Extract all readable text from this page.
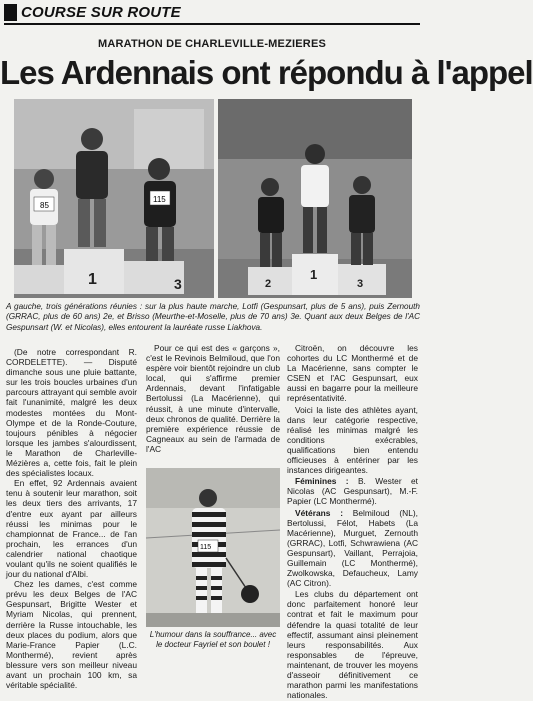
COURSE SUR ROUTE
MARATHON DE CHARLEVILLE-MEZIERES
Les Ardennais ont répondu à l'appel
85
115
1	3
1
2	3
A gauche, trois générations réunies : sur la plus haute marche, Lotfi (Gespunsart, plus de 5 ans), puis Zernouth (GRRAC, plus de 60 ans) 2e, et Brisso (Meurthe-et-Moselle, plus de 70 ans) 3e. Quant aux deux Belges de l'AC Gespunsart (W. et Nicolas), elles entourent la lauréate russe Liakhova.

(De notre correspondant R. CORDELETTE). — Disputé dimanche sous une pluie battante, sur les trois boucles urbaines d'un parcours attrayant qui semble avoir fait l'unanimité, malgré les deux modestes montées du Mont-Olympe et de la Ronde-Couture, toujours pénibles à négocier lorsque les jambes s'alourdissent, le Marathon de Charleville-Mézières a, cette fois, fait le plein des spécialistes locaux.

En effet, 92 Ardennais avaient tenu à soutenir leur marathon, soit les deux tiers des arrivants, 17 d'entre eux ayant par ailleurs réussi les minimas pour le championnat de France... de l'an prochain, les errances d'un calendrier national chaotique voulant qu'ils ne soient qualifiés le jour du national d'Albi.

Chez les dames, c'est comme prévu les deux Belges de l'AC Gespunsart, Brigitte Wester et Myriam Nicolas, qui prennent, derrière la Russe intouchable, les deux places du podium, alors que Marie-France Papier (L.C. Monthermé), revient après blessure vers son meilleur niveau avant un prochain 100 km, sa véritable spécialité.

Pour ce qui est des « garçons », c'est le Revinois Belmiloud, que l'on espère voir bientôt rejoindre un club local, qui s'affirme premier Ardennais, devant l'infatigable Bertolussi (La Macérienne), qui réussit, à une minute d'intervalle, deux chronos de qualité. Derrière la première expérience réussie de Cagneaux au sein de l'armada de l'AC

115
L'humour dans la souffrance... avec le docteur Fayriel et son boulet !

Citroën, on découvre les cohortes du LC Monthermé et de La Macérienne, sans compter le CSEN et l'AC Gespunsart, eux aussi en bagarre pour la meilleure représentativité.

Voici la liste des athlètes ayant, dans leur catégorie respective, réalisé les minimas malgré les conditions exécrables, qualifications bien entendu officieuses à entériner par les instances dirigeantes.

Féminines : B. Wester et Nicolas (AC Gespunsart), M.-F. Papier (LC Monthermé).

Vétérans : Belmiloud (NL), Bertolussi, Félot, Habets (La Macérienne), Murguet, Zernouth (GRRAC), Lotfi, Schwrawiena (AC Gespunsart), Vaillant, Perrajoia, Guillemain (LC Monthermé), Zwolkowska, Defaucheux, Lamy (AC Citron).

Les clubs du département ont donc parfaitement honoré leur contrat et fait le maximum pour défendre la quasi totalité de leur effectif, assumant ainsi pleinement leurs responsabilités. Aux responsables de l'épreuve, maintenant, de trouver les moyens d'asseoir définitivement ce marathon parmi les manifestations nationales.
